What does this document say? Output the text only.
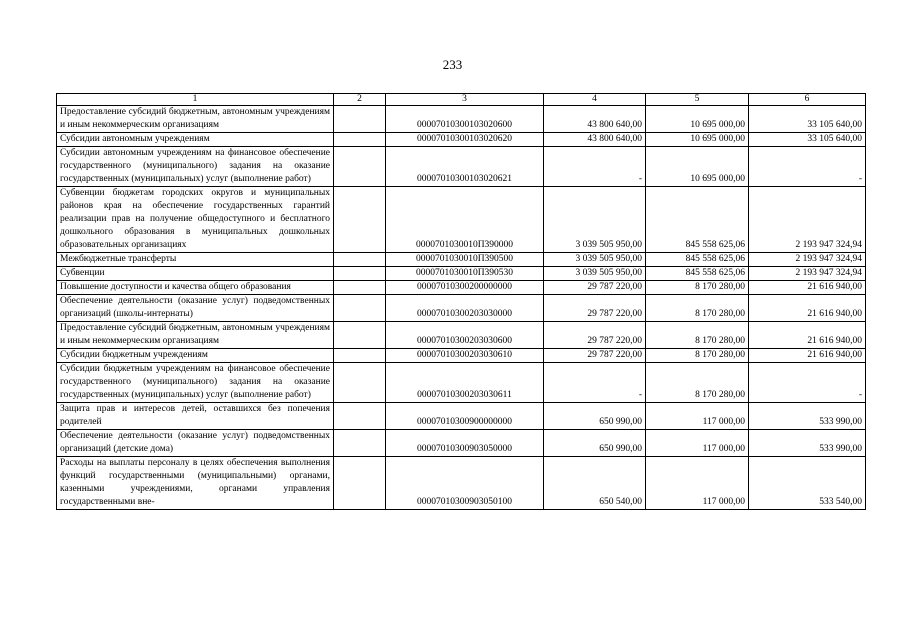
233
1	2	3	4	5	6
Предоставление субсидий бюджетным, автономным учреждениям и иным некоммерческим организациям		00007010300103020600	43 800 640,00	10 695 000,00	33 105 640,00
Субсидии автономным учреждениям		00007010300103020620	43 800 640,00	10 695 000,00	33 105 640,00
Субсидии автономным учреждениям на финансовое обеспечение государственного (муниципального) задания на оказание государственных (муниципальных) услуг (выполнение работ)		00007010300103020621	-	10 695 000,00	-
Субвенции бюджетам городских округов и муниципальных районов края на обеспечение государственных гарантий реализации прав на получение общедоступного и бесплатного дошкольного образования в муниципальных дошкольных образовательных организациях		0000701030010П390000	3 039 505 950,00	845 558 625,06	2 193 947 324,94
Межбюджетные трансферты		0000701030010П390500	3 039 505 950,00	845 558 625,06	2 193 947 324,94
Субвенции		0000701030010П390530	3 039 505 950,00	845 558 625,06	2 193 947 324,94
Повышение доступности и качества общего образования		00007010300200000000	29 787 220,00	8 170 280,00	21 616 940,00
Обеспечение деятельности (оказание услуг) подведомственных организаций (школы-интернаты)		00007010300203030000	29 787 220,00	8 170 280,00	21 616 940,00
Предоставление субсидий бюджетным, автономным учреждениям и иным некоммерческим организациям		00007010300203030600	29 787 220,00	8 170 280,00	21 616 940,00
Субсидии бюджетным учреждениям		00007010300203030610	29 787 220,00	8 170 280,00	21 616 940,00
Субсидии бюджетным учреждениям на финансовое обеспечение государственного (муниципального) задания на оказание государственных (муниципальных) услуг (выполнение работ)		00007010300203030611	-	8 170 280,00	-
Защита прав и интересов детей, оставшихся без попечения родителей		00007010300900000000	650 990,00	117 000,00	533 990,00
Обеспечение деятельности (оказание услуг) подведомственных организаций (детские дома)		00007010300903050000	650 990,00	117 000,00	533 990,00
Расходы на выплаты персоналу в целях обеспечения выполнения функций государственными (муниципальными) органами, казенными учреждениями, органами управления государственными вне-		00007010300903050100	650 540,00	117 000,00	533 540,00
